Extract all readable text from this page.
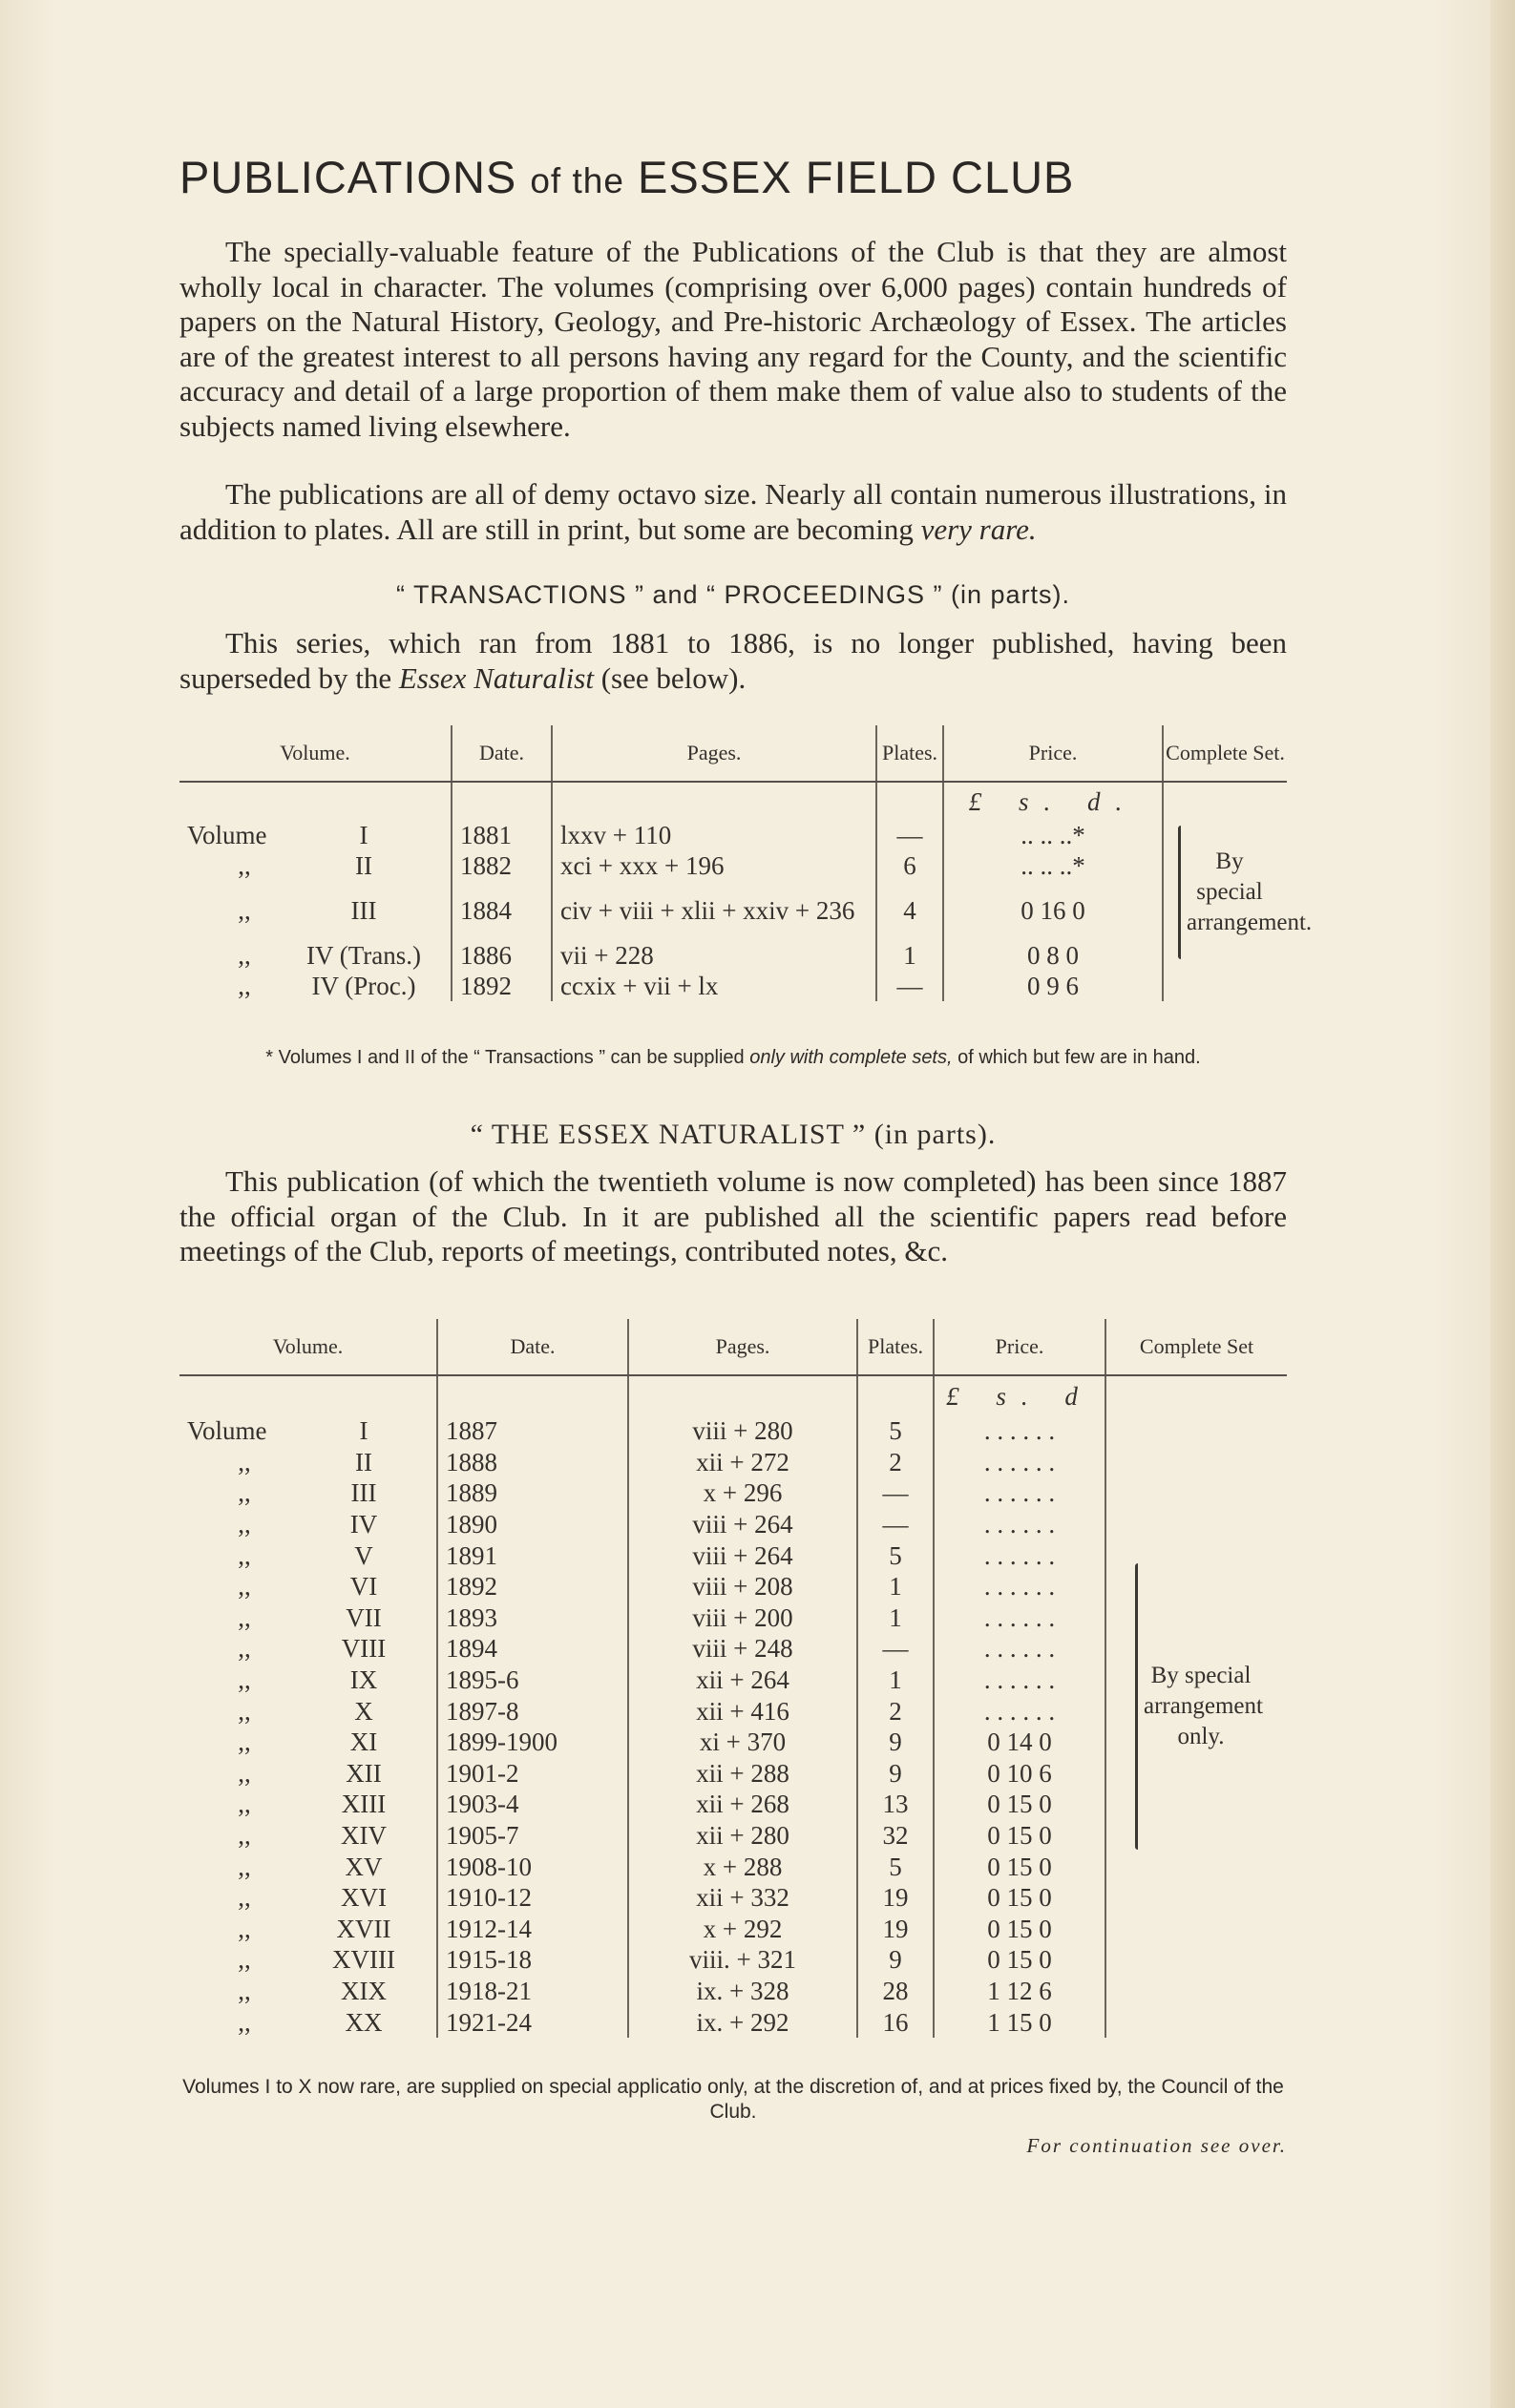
PUBLICATIONS of the ESSEX FIELD CLUB

The specially-valuable feature of the Publications of the Club is that they are almost wholly local in character. The volumes (comprising over 6,000 pages) contain hundreds of papers on the Natural History, Geology, and Pre-historic Archæology of Essex. The articles are of the greatest interest to all persons having any regard for the County, and the scientific accuracy and detail of a large proportion of them make them of value also to students of the subjects named living elsewhere.

The publications are all of demy octavo size. Nearly all contain numerous illustrations, in addition to plates. All are still in print, but some are becoming very rare.

“ TRANSACTIONS ” and “ PROCEEDINGS ” (in parts).

This series, which ran from 1881 to 1886, is no longer published, having been superseded by the Essex Naturalist (see below).

Volume.	Date.	Pages.	Plates.	Price.	Complete Set.
				£ s. d.	By special arrangement.
Volume I	1881	lxxv + 110	—	.. .. ..*	
,, II	1882	xci + xxx + 196	6	.. .. ..*	
,, III	1884	civ + viii + xlii + xxiv + 236	4	0 16 0	
,, IV (Trans.)	1886	vii + 228	1	0 8 0	
,, IV (Proc.)	1892	ccxix + vii + lx	—	0 9 6	

* Volumes I and II of the “ Transactions ” can be supplied only with complete sets, of which but few are in hand.

“ THE ESSEX NATURALIST ” (in parts).

This publication (of which the twentieth volume is now completed) has been since 1887 the official organ of the Club. In it are published all the scientific papers read before meetings of the Club, reports of meetings, contributed notes, &c.

Volume.	Date.	Pages.	Plates.	Price.	Complete Set
				£ s. d	By special arrangement only.
Volume I	1887	viii + 280	5	. . . . . .	
,, II	1888	xii + 272	2	. . . . . .	
,, III	1889	x + 296	—	. . . . . .	
,, IV	1890	viii + 264	—	. . . . . .	
,, V	1891	viii + 264	5	. . . . . .	
,, VI	1892	viii + 208	1	. . . . . .	
,, VII	1893	viii + 200	1	. . . . . .	
,, VIII	1894	viii + 248	—	. . . . . .	
,, IX	1895-6	xii + 264	1	. . . . . .	
,, X	1897-8	xii + 416	2	. . . . . .	
,, XI	1899-1900	xi + 370	9	0 14 0	
,, XII	1901-2	xii + 288	9	0 10 6	
,, XIII	1903-4	xii + 268	13	0 15 0	
,, XIV	1905-7	xii + 280	32	0 15 0	
,, XV	1908-10	x + 288	5	0 15 0	
,, XVI	1910-12	xii + 332	19	0 15 0	
,, XVII	1912-14	x + 292	19	0 15 0	
,, XVIII	1915-18	viii. + 321	9	0 15 0	
,, XIX	1918-21	ix. + 328	28	1 12 6	
,, XX	1921-24	ix. + 292	16	1 15 0	

Volumes I to X now rare, are supplied on special applicatio only, at the discretion of, and at prices fixed by, the Council of the Club.

For continuation see over.
